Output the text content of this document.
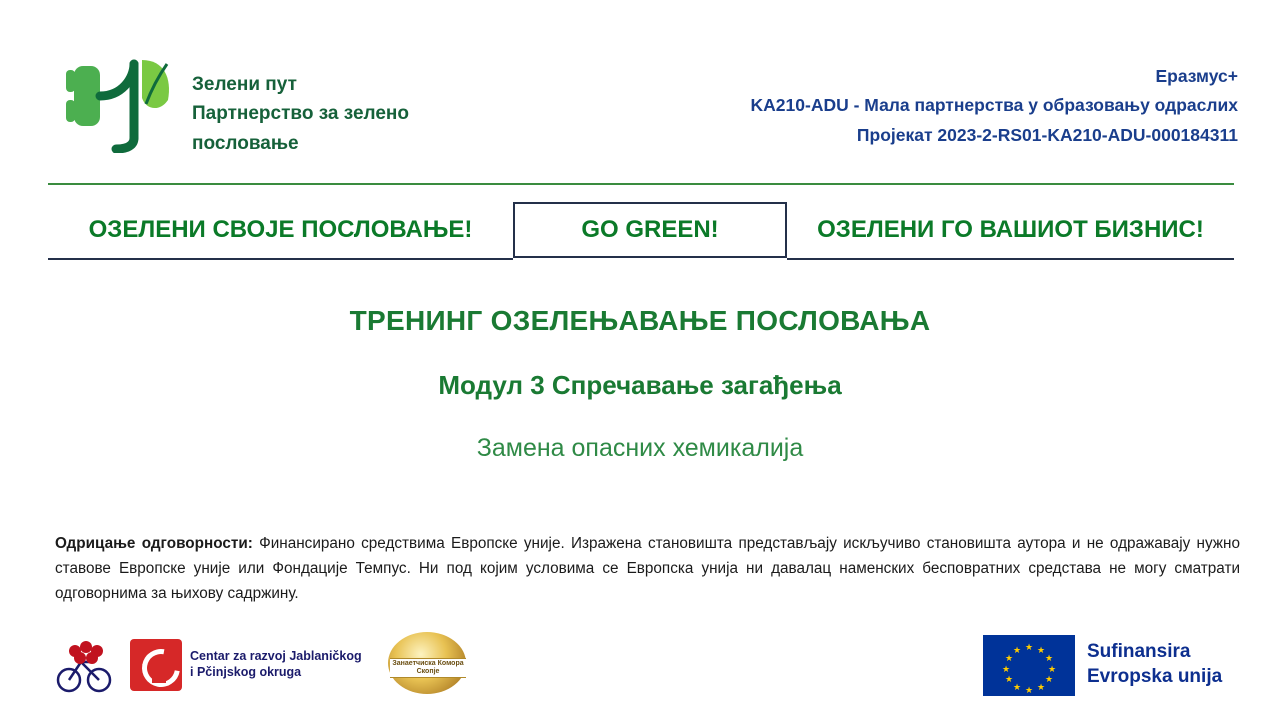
Зелени пут
Партнерство за зелено
пословање
Еразмус+
KA210-ADU - Мала партнерства у образовању одраслих
Пројекат 2023-2-RS01-KA210-ADU-000184311
ОЗЕЛЕНИ СВОЈЕ ПОСЛОВАЊЕ!	GO GREEN!	ОЗЕЛЕНИ ГО ВАШИОТ БИЗНИС!
ТРЕНИНГ ОЗЕЛЕЊАВАЊЕ ПОСЛОВАЊА
Модул 3 Спречавање загађења
Замена опасних хемикалија
Одрицање одговорности: Финансирано средствима Европске уније. Изражена становишта представљају искључиво становишта аутора и не одражавају нужно ставове Европске уније или Фондације Темпус. Ни под којим условима се Европска унија ни давалац наменских бесповратних средстава не могу сматрати одговорнима за њихову садржину.
Centar za razvoj Jablaničkog
i Pčinjskog okruga
Занаетчиска Комора
Скопје
★ ★
★
★
★
★
★
★
★
★
★
★	Sufinansira
Evropska unija
